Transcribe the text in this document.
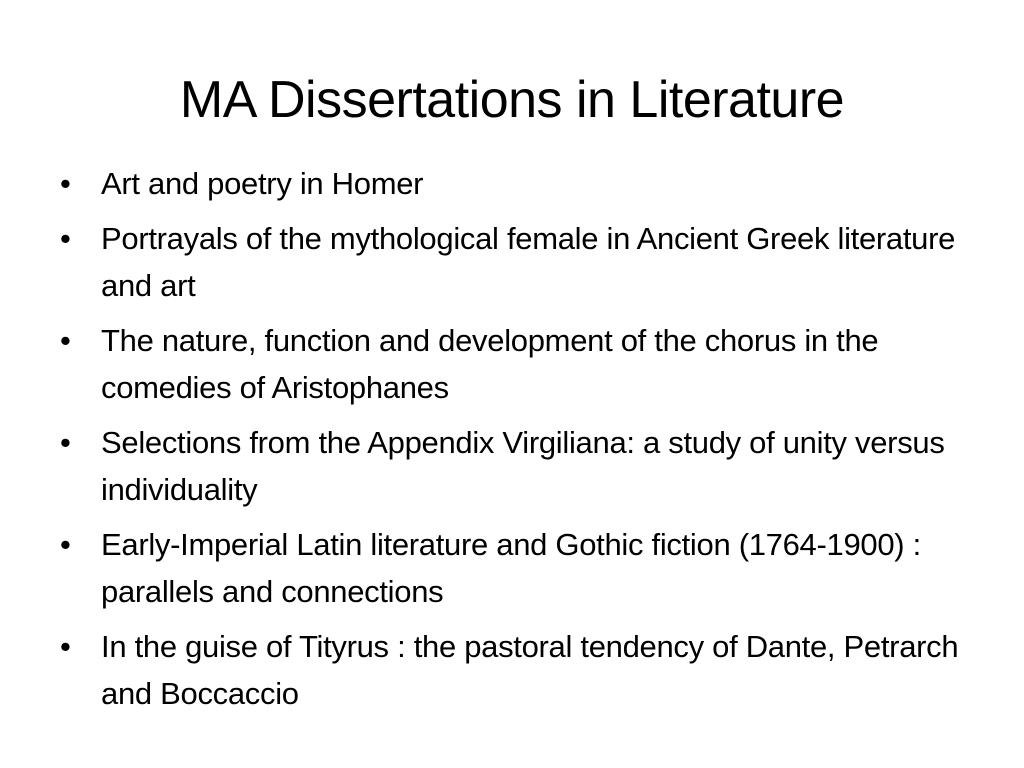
MA Dissertations in Literature
• Art and poetry in Homer
• Portrayals of the mythological female in Ancient Greek literature and art
• The nature, function and development of the chorus in the comedies of Aristophanes
• Selections from the Appendix Virgiliana: a study of unity versus individuality
• Early-Imperial Latin literature and Gothic fiction (1764-1900) : parallels and connections
• In the guise of Tityrus : the pastoral tendency of Dante, Petrarch and Boccaccio
